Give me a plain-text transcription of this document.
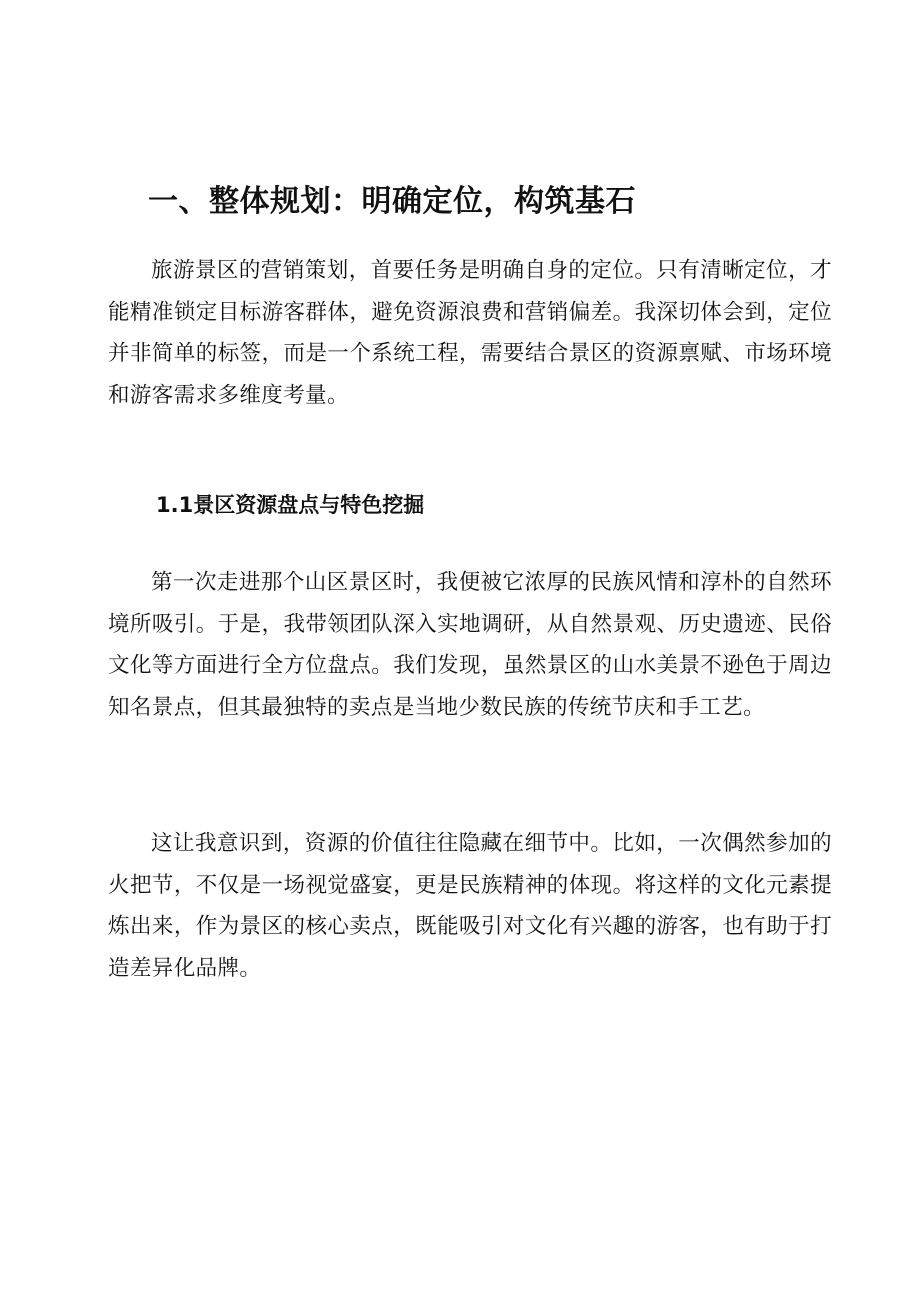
一、整体规划：明确定位，构筑基石

旅游景区的营销策划，首要任务是明确自身的定位。只有清晰定位，才能精准锁定目标游客群体，避免资源浪费和营销偏差。我深切体会到，定位并非简单的标签，而是一个系统工程，需要结合景区的资源禀赋、市场环境和游客需求多维度考量。

1.1景区资源盘点与特色挖掘

第一次走进那个山区景区时，我便被它浓厚的民族风情和淳朴的自然环境所吸引。于是，我带领团队深入实地调研，从自然景观、历史遗迹、民俗文化等方面进行全方位盘点。我们发现，虽然景区的山水美景不逊色于周边知名景点，但其最独特的卖点是当地少数民族的传统节庆和手工艺。

这让我意识到，资源的价值往往隐藏在细节中。比如，一次偶然参加的火把节，不仅是一场视觉盛宴，更是民族精神的体现。将这样的文化元素提炼出来，作为景区的核心卖点，既能吸引对文化有兴趣的游客，也有助于打造差异化品牌。
